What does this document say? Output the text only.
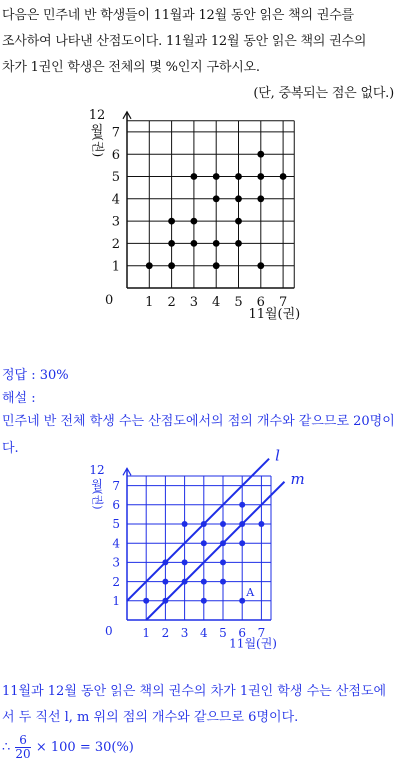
다음은 민주네 반 학생들이 11월과 12월 동안 읽은 책의 권수를
조사하여 나타낸 산점도이다. 11월과 12월 동안 읽은 책의 권수의
차가 1권인 학생은 전체의 몇 %인지 구하시오.
(단, 중복되는 점은 없다.)
1 2 3 4 5 6 7
1
2
3
4
5
6
7
0
11월(권)
12
월
(권)
정답 : 30%
해설 :
민주네 반 전체 학생 수는 산점도에서의 점의 개수와 같으므로 20명이
다.
1 2 3 4 5 6 7
1
2
3
4
5
6
7
0
11월(권)
12
월
(권)
l
m
A
11월과 12월 동안 읽은 책의 권수의 차가 1권인 학생 수는 산점도에
서 두 직선 l, m 위의 점의 개수와 같으므로 6명이다.
∴ $\frac{6}{20} \times 100 = 30(\%)$
